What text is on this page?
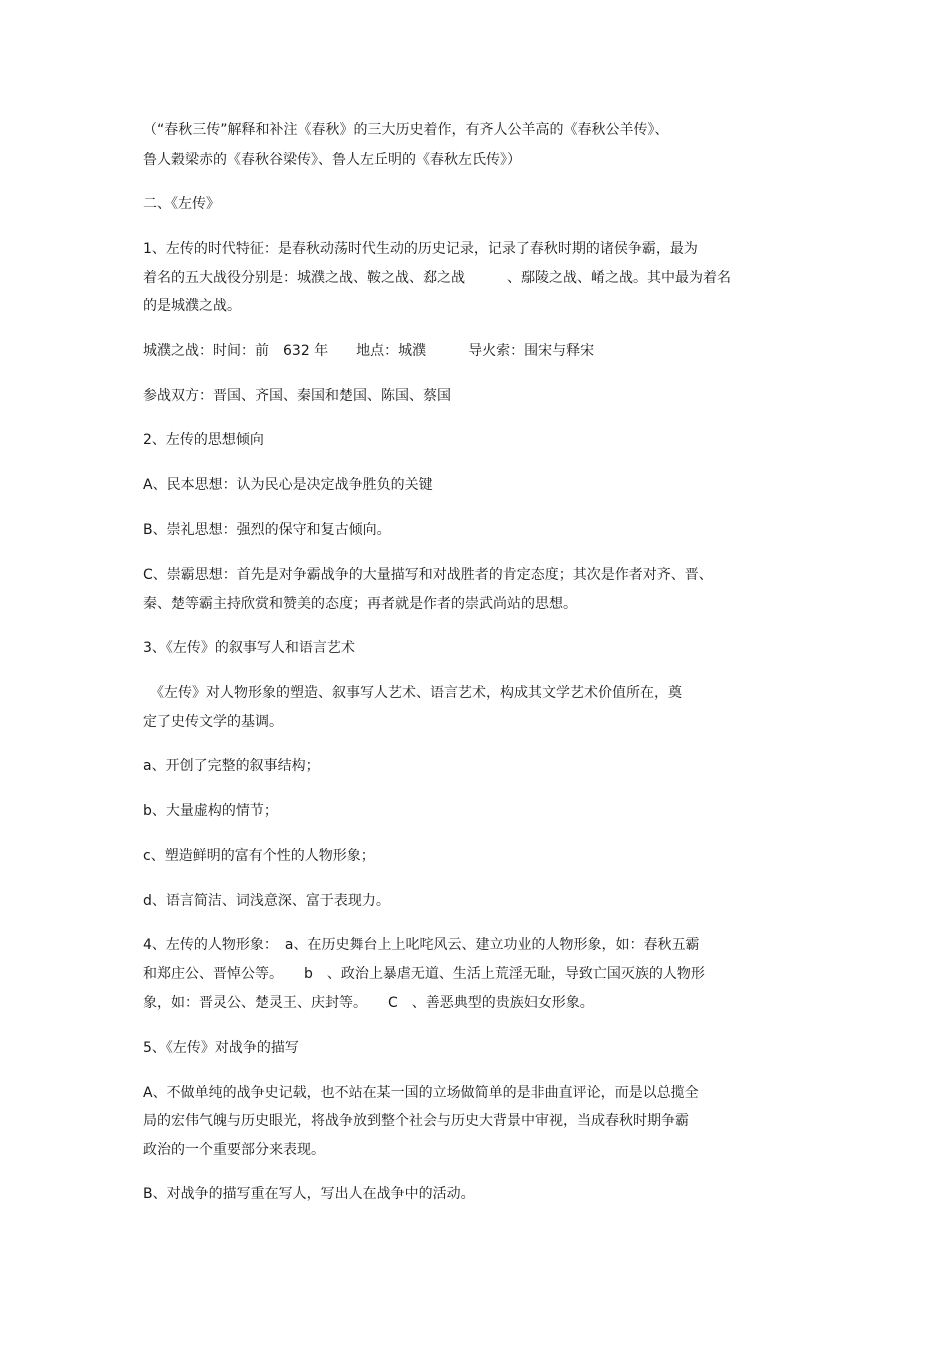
（“春秋三传”解释和补注《春秋》的三大历史着作，有齐人公羊高的《春秋公羊传》、

鲁人穀梁赤的《春秋谷梁传》、鲁人左丘明的《春秋左氏传》）

二、《左传》

1、左传的时代特征：是春秋动荡时代生动的历史记录，记录了春秋时期的诸侯争霸，最为

着名的五大战役分别是：城濮之战、鞍之战、郄之战　　　、鄢陵之战、崤之战。其中最为着名

的是城濮之战。

城濮之战：时间：前　632 年　　地点：城濮　　　导火索：围宋与释宋

参战双方：晋国、齐国、秦国和楚国、陈国、蔡国

2、左传的思想倾向

A、民本思想：认为民心是决定战争胜负的关键

B、崇礼思想：强烈的保守和复古倾向。

C、崇霸思想：首先是对争霸战争的大量描写和对战胜者的肯定态度；其次是作者对齐、晋、

秦、楚等霸主持欣赏和赞美的态度；再者就是作者的崇武尚站的思想。

3、《左传》的叙事写人和语言艺术

　《左传》对人物形象的塑造、叙事写人艺术、语言艺术，构成其文学艺术价值所在，奠

定了史传文学的基调。

a、开创了完整的叙事结构；

b、大量虚构的情节；

c、塑造鲜明的富有个性的人物形象；

d、语言简洁、词浅意深、富于表现力。

4、左传的人物形象：　a、在历史舞台上上叱咤风云、建立功业的人物形象，如：春秋五霸

和郑庄公、晋悼公等。　　b　、政治上暴虐无道、生活上荒淫无耻，导致亡国灭族的人物形

象，如：晋灵公、楚灵王、庆封等。　　C　、善恶典型的贵族妇女形象。

5、《左传》对战争的描写

A、不做单纯的战争史记载，也不站在某一国的立场做简单的是非曲直评论，而是以总揽全

局的宏伟气魄与历史眼光，将战争放到整个社会与历史大背景中审视，当成春秋时期争霸

政治的一个重要部分来表现。

B、对战争的描写重在写人，写出人在战争中的活动。
